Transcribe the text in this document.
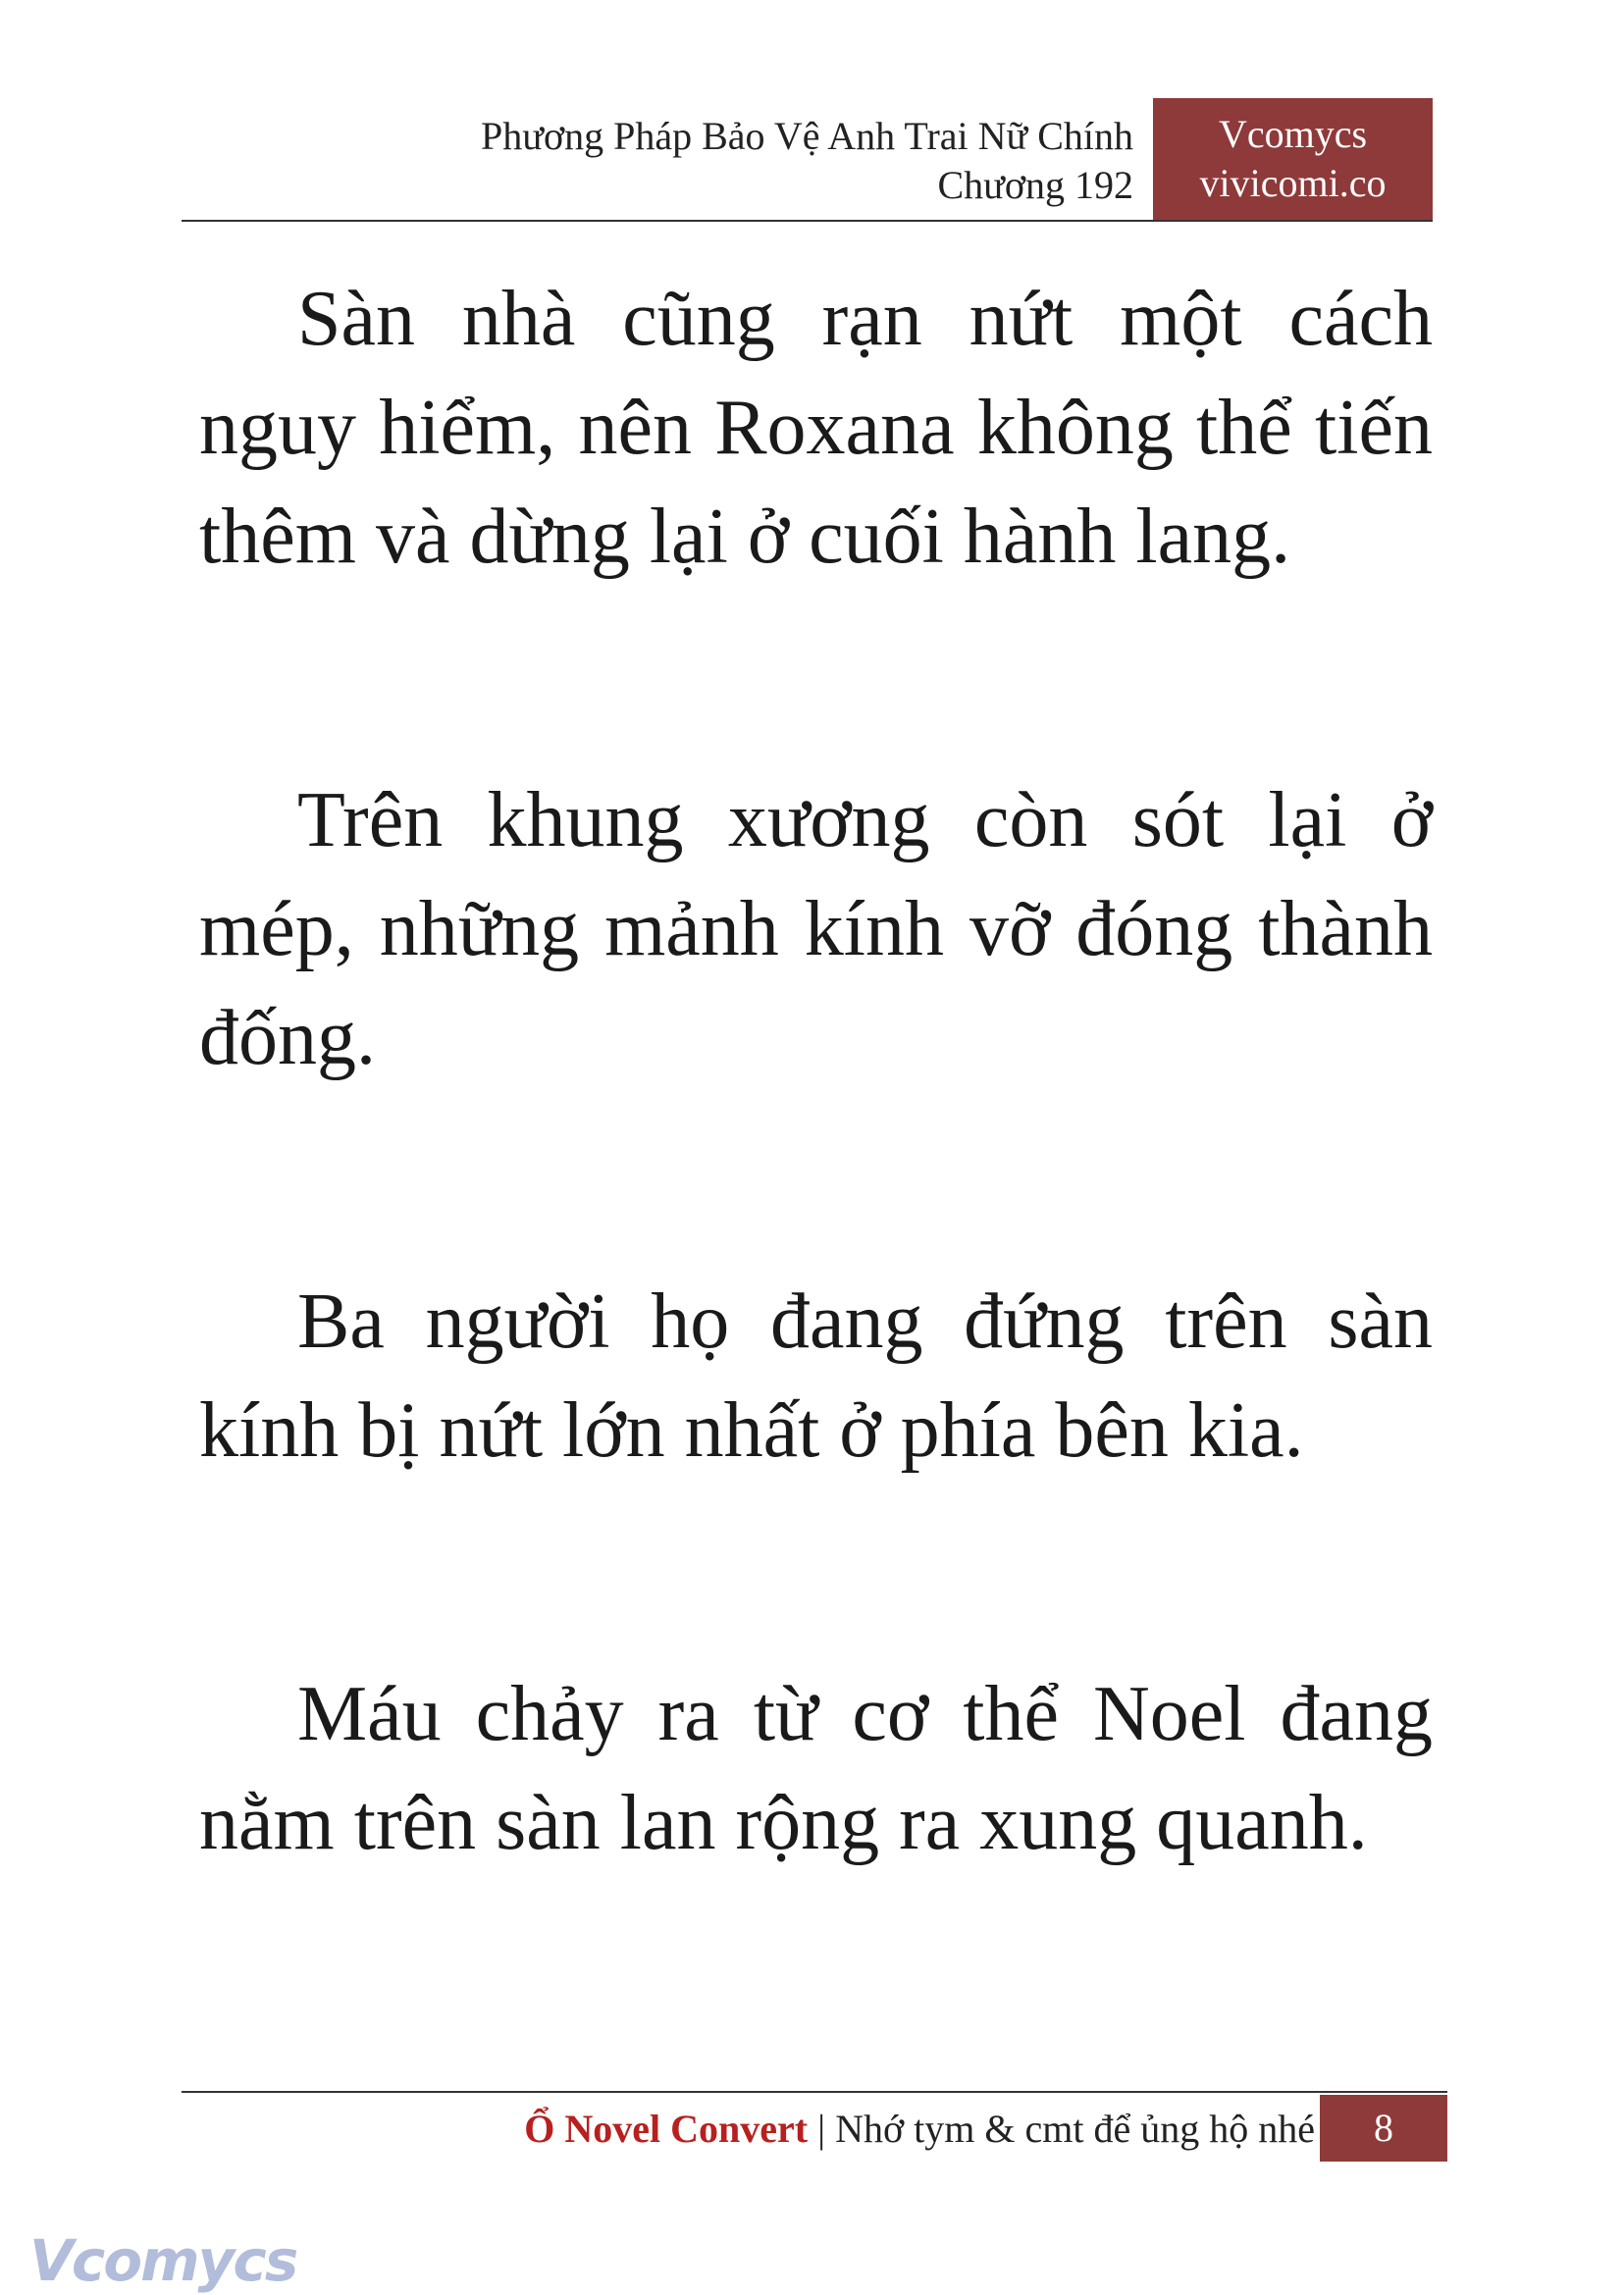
Phương Pháp Bảo Vệ Anh Trai Nữ Chính
Chương 192
Vcomycs
vivicomi.co

Sàn nhà cũng rạn nứt một cách nguy hiểm, nên Roxana không thể tiến thêm và dừng lại ở cuối hành lang.

Trên khung xương còn sót lại ở mép, những mảnh kính vỡ đóng thành đống.

Ba người họ đang đứng trên sàn kính bị nứt lớn nhất ở phía bên kia.

Máu chảy ra từ cơ thể Noel đang nằm trên sàn lan rộng ra xung quanh.

Ổ Novel Convert | Nhớ tym & cmt để ủng hộ nhé	8
Vcomycs
